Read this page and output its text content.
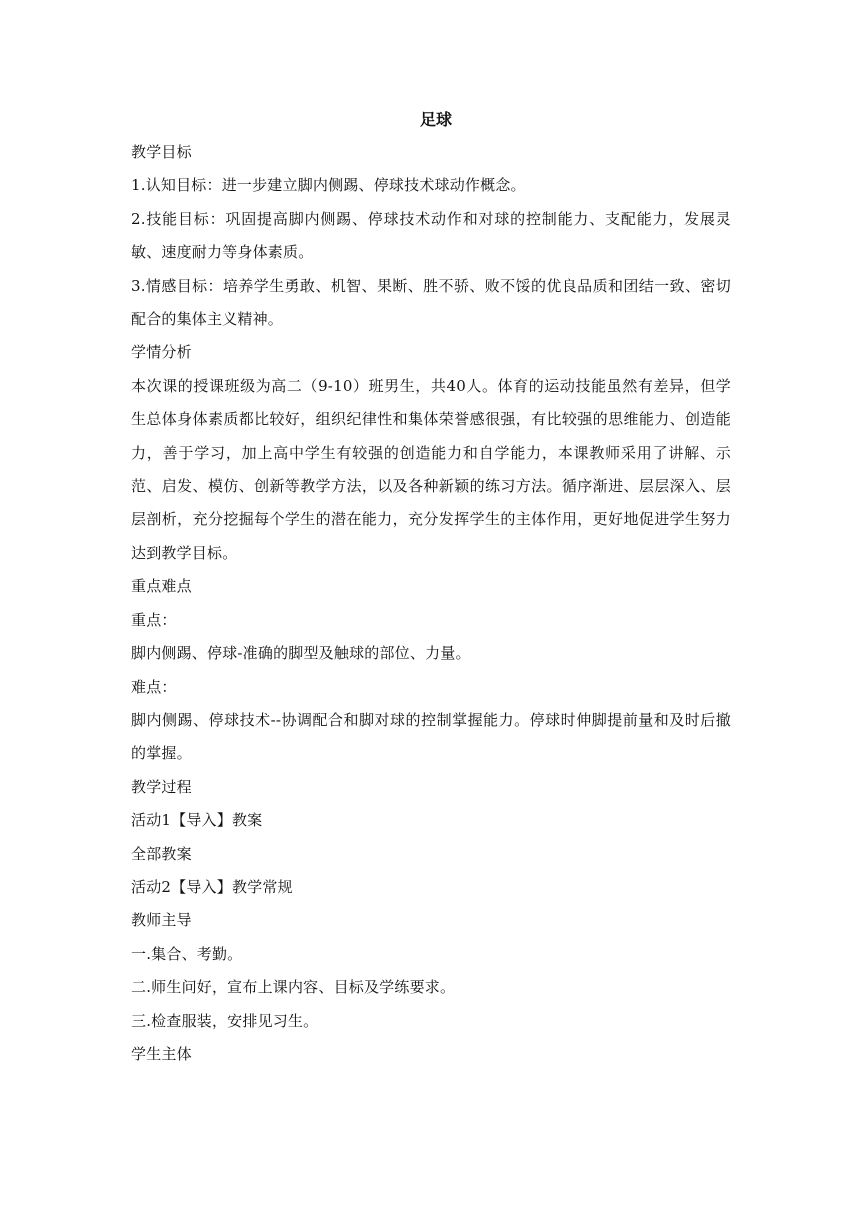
足球

教学目标

1.认知目标：进一步建立脚内侧踢、停球技术球动作概念。

2.技能目标：巩固提高脚内侧踢、停球技术动作和对球的控制能力、支配能力，发展灵敏、速度耐力等身体素质。

3.情感目标：培养学生勇敢、机智、果断、胜不骄、败不馁的优良品质和团结一致、密切配合的集体主义精神。

学情分析

本次课的授课班级为高二（9-10）班男生，共40人。体育的运动技能虽然有差异，但学生总体身体素质都比较好，组织纪律性和集体荣誉感很强，有比较强的思维能力、创造能力，善于学习，加上高中学生有较强的创造能力和自学能力，本课教师采用了讲解、示范、启发、模仿、创新等教学方法，以及各种新颖的练习方法。循序渐进、层层深入、层层剖析，充分挖掘每个学生的潜在能力，充分发挥学生的主体作用，更好地促进学生努力达到教学目标。

重点难点

重点：

脚内侧踢、停球-准确的脚型及触球的部位、力量。

难点：

脚内侧踢、停球技术--协调配合和脚对球的控制掌握能力。停球时伸脚提前量和及时后撤的掌握。

教学过程

活动1【导入】教案

全部教案

活动2【导入】教学常规

教师主导

一.集合、考勤。

二.师生问好，宣布上课内容、目标及学练要求。

三.检查服装，安排见习生。

学生主体
